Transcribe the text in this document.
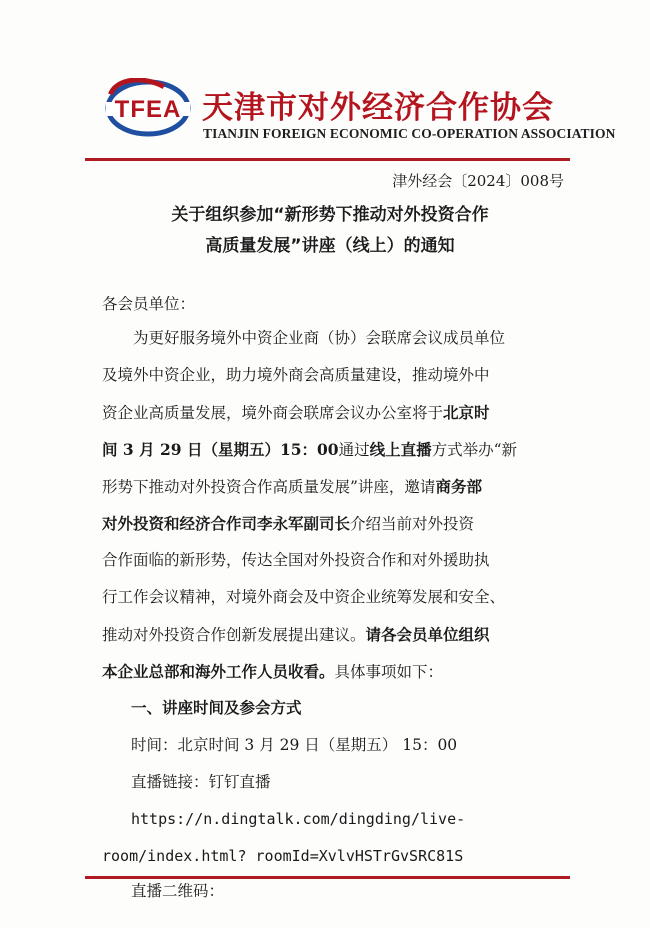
TFEA 天津市对外经济合作协会
TIANJIN FOREIGN ECONOMIC CO-OPERATION ASSOCIATION
津外经会〔2024〕008号
关于组织参加“新形势下推动对外投资合作
高质量发展”讲座（线上）的通知
各会员单位：
为更好服务境外中资企业商（协）会联席会议成员单位
及境外中资企业，助力境外商会高质量建设，推动境外中
资企业高质量发展，境外商会联席会议办公室将于北京时
间 3 月 29 日（星期五）15：00通过线上直播方式举办“新
形势下推动对外投资合作高质量发展”讲座，邀请商务部
对外投资和经济合作司李永军副司长介绍当前对外投资
合作面临的新形势，传达全国对外投资合作和对外援助执
行工作会议精神，对境外商会及中资企业统筹发展和安全、
推动对外投资合作创新发展提出建议。请各会员单位组织
本企业总部和海外工作人员收看。具体事项如下：
一、讲座时间及参会方式
时间：北京时间 3 月 29 日（星期五） 15：00
直播链接：钉钉直播
https://n.dingtalk.com/dingding/live-
room/index.html? roomId=XvlvHSTrGvSRC81S
直播二维码：
